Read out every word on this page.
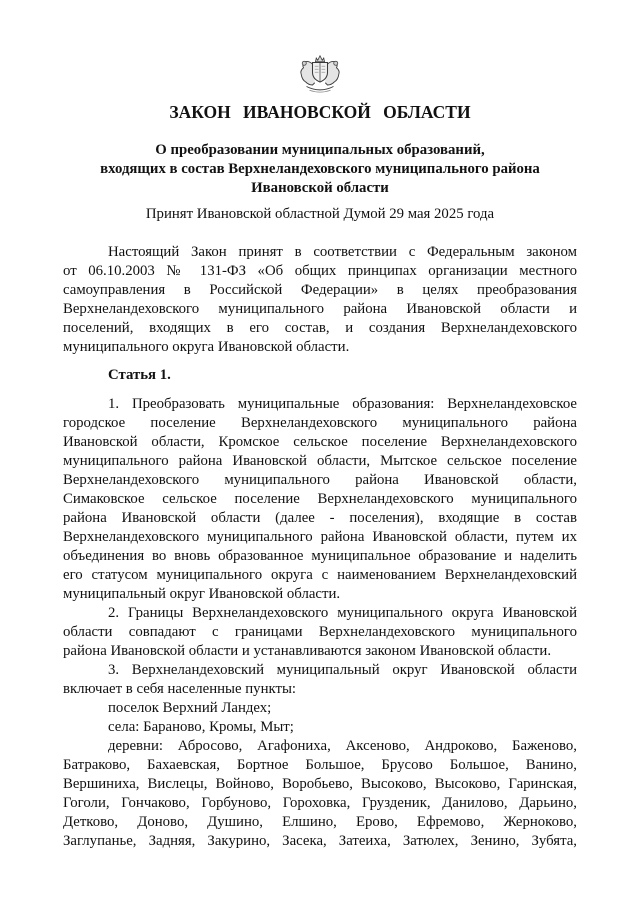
ЗАКОН ИВАНОВСКОЙ ОБЛАСТИ
О преобразовании муниципальных образований,
входящих в состав Верхнеландеховского муниципального района
Ивановской области
Принят Ивановской областной Думой 29 мая 2025 года
Настоящий Закон принят в соответствии с Федеральным законом
от 06.10.2003 № 131-ФЗ «Об общих принципах организации местного
самоуправления в Российской Федерации» в целях преобразования
Верхнеландеховского муниципального района Ивановской области и
поселений, входящих в его состав, и создания Верхнеландеховского
муниципального округа Ивановской области.
Статья 1.
1. Преобразовать муниципальные образования: Верхнеландеховское
городское поселение Верхнеландеховского муниципального района
Ивановской области, Кромское сельское поселение Верхнеландеховского
муниципального района Ивановской области, Мытское сельское поселение
Верхнеландеховского муниципального района Ивановской области,
Симаковское сельское поселение Верхнеландеховского муниципального
района Ивановской области (далее - поселения), входящие в состав
Верхнеландеховского муниципального района Ивановской области, путем их
объединения во вновь образованное муниципальное образование и наделить
его статусом муниципального округа с наименованием Верхнеландеховский
муниципальный округ Ивановской области.
2. Границы Верхнеландеховского муниципального округа Ивановской
области совпадают с границами Верхнеландеховского муниципального
района Ивановской области и устанавливаются законом Ивановской области.
3. Верхнеландеховский муниципальный округ Ивановской области
включает в себя населенные пункты:
поселок Верхний Ландех;
села: Бараново, Кромы, Мыт;
деревни: Абросово, Агафониха, Аксеново, Андроково, Баженово,
Батраково, Бахаевская, Бортное Большое, Брусово Большое, Ванино,
Вершиниха, Вислецы, Войново, Воробьево, Высоково, Высоково, Гаринская,
Гоголи, Гончаково, Горбуново, Гороховка, Грузденик, Данилово, Дарьино,
Детково, Доново, Душино, Елшино, Ерово, Ефремово, Жерноково,
Заглупанье, Задняя, Закурино, Засека, Затеиха, Затюлех, Зенино, Зубята,
